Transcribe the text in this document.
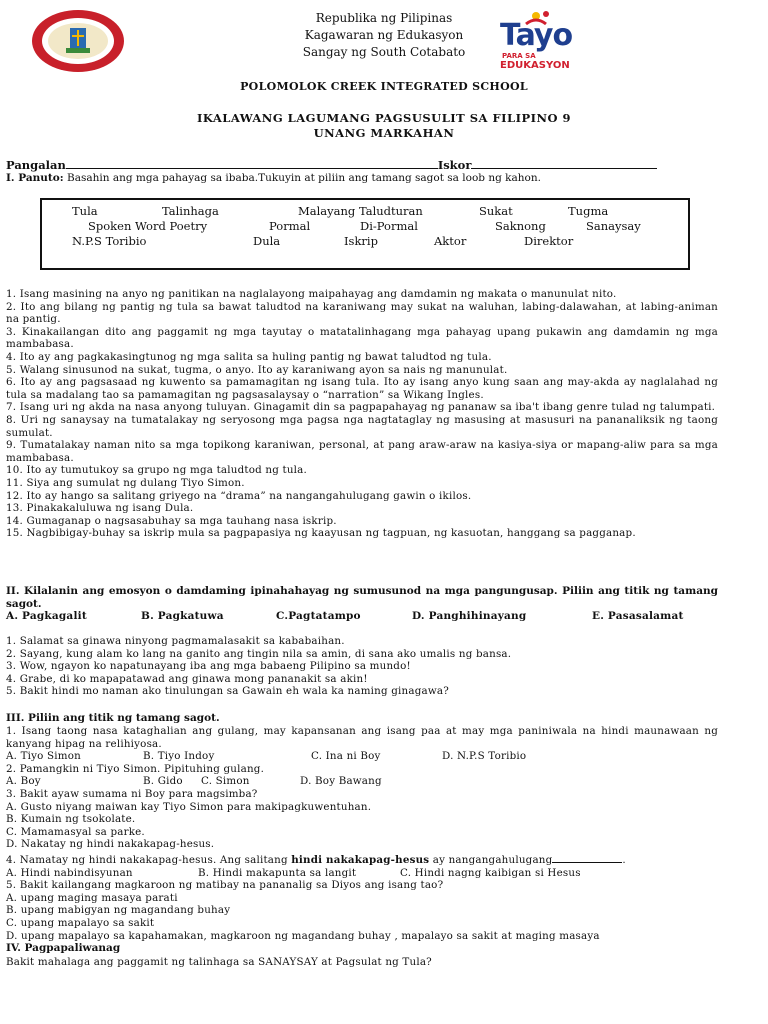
Republika ng Pilipinas
Kagawaran ng Edukasyon
Sangay ng South Cotabato	Tayo
PARA SA
EDUKASYON
POLOMOLOK CREEK INTEGRATED SCHOOL
IKALAWANG LAGUMANG PAGSUSULIT SA FILIPINO 9
UNANG MARKAHAN
Pangalan	Iskor
I. Panuto: Basahin ang mga pahayag sa ibaba.Tukuyin at piliin ang tamang sagot sa loob ng kahon.
Tula	Talinhaga	Malayang Taludturan	Sukat	Tugma
Spoken Word Poetry	Pormal	Di-Pormal	Saknong	Sanaysay
N.P.S Toribio	Dula	Iskrip	Aktor	Direktor
1. Isang masining na anyo ng panitikan na naglalayong maipahayag ang damdamin ng makata o manunulat nito.
2. Ito ang bilang ng pantig ng tula sa bawat taludtod na karaniwang may sukat na waluhan, labing-dalawahan, at labing-animan na pantig.
3. Kinakailangan dito ang paggamit ng mga tayutay o matatalinhagang mga pahayag upang pukawin ang damdamin ng mga mambabasa.
4. Ito ay ang pagkakasingtunog ng mga salita sa huling pantig ng bawat taludtod ng tula.
5. Walang sinusunod na sukat, tugma, o anyo. Ito ay karaniwang ayon sa nais ng manunulat.
6. Ito ay ang pagsasaad ng kuwento sa pamamagitan ng isang tula. Ito ay isang anyo kung saan ang may-akda ay naglalahad ng tula sa madalang tao sa pamamagitan ng pagsasalaysay o “narration” sa Wikang Ingles.
7. Isang uri ng akda na nasa anyong tuluyan. Ginagamit din sa pagpapahayag ng pananaw sa iba't ibang genre tulad ng talumpati.
8. Uri ng sanaysay na tumatalakay ng seryosong mga pagsa nga nagtataglay ng masusing at masusuri na pananaliksik ng taong sumulat.
9. Tumatalakay naman nito sa mga topikong karaniwan, personal, at pang araw-araw na kasiya-siya or mapang-aliw para sa mga mambabasa.
10. Ito ay tumutukoy sa grupo ng mga taludtod ng tula.
11. Siya ang sumulat ng dulang Tiyo Simon.
12. Ito ay hango sa salitang griyego na “drama” na nangangahulugang gawin o ikilos.
13. Pinakakaluluwa ng isang Dula.
14. Gumaganap o nagsasabuhay sa mga tauhang nasa iskrip.
15. Nagbibigay-buhay sa iskrip mula sa pagpapasiya ng kaayusan ng tagpuan, ng kasuotan, hanggang sa pagganap.
II. Kilalanin ang emosyon o damdaming ipinahahayag ng sumusunod na mga pangungusap. Piliin ang titik ng tamang sagot.
A. Pagkagalit	B. Pagkatuwa	C.Pagtatampo	D. Panghihinayang	E. Pasasalamat
1. Salamat sa ginawa ninyong pagmamalasakit sa kababaihan.
2. Sayang, kung alam ko lang na ganito ang tingin nila sa amin, di sana ako umalis ng bansa.
3. Wow, ngayon ko napatunayang iba ang mga babaeng Pilipino sa mundo!
4. Grabe, di ko mapapatawad ang ginawa mong pananakit sa akin!
5. Bakit hindi mo naman ako tinulungan sa Gawain eh wala ka naming ginagawa?
III. Piliin ang titik ng tamang sagot.
1. Isang taong nasa kataghalian ang gulang, may kapansanan ang isang paa at may mga paniniwala na hindi maunawaan ng kanyang hipag na relihiyosa.
A. Tiyo Simon	B. Tiyo Indoy	C. Ina ni Boy	D. N.P.S Toribio
2. Pamangkin ni Tiyo Simon. Pipituhing gulang.
A. Boy	B. Gido C. Simon	D. Boy Bawang
3. Bakit ayaw sumama ni Boy para magsimba?
A. Gusto niyang maiwan kay Tiyo Simon para makipagkuwentuhan.
B. Kumain ng tsokolate.
C. Mamamasyal sa parke.
D. Nakatay ng hindi nakakapag-hesus.
4. Namatay ng hindi nakakapag-hesus. Ang salitang hindi nakakapag-hesus ay nangangahulugang	.
A. Hindi nabindisyunan	B. Hindi makapunta sa langit	C. Hindi nagng kaibigan si Hesus
5. Bakit kailangang magkaroon ng matibay na pananalig sa Diyos ang isang tao?
A. upang maging masaya parati
B. upang mabigyan ng magandang buhay
C. upang mapalayo sa sakit
D. upang mapalayo sa kapahamakan, magkaroon ng magandang buhay , mapalayo sa sakit at maging masaya
IV. Pagpapaliwanag
Bakit mahalaga ang paggamit ng talinhaga sa SANAYSAY at Pagsulat ng Tula?
